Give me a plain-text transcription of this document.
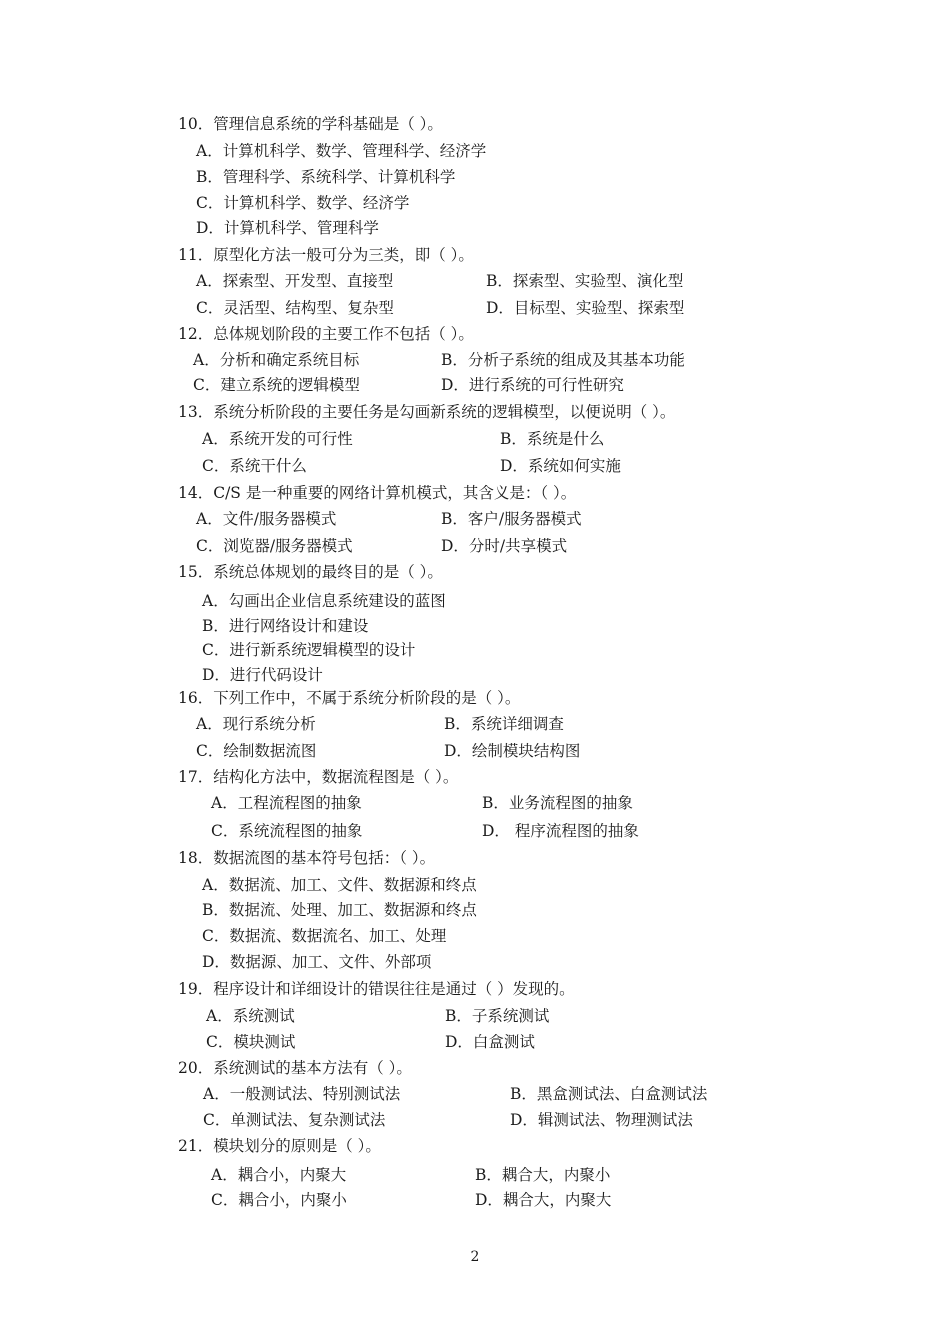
10．管理信息系统的学科基础是（ ）。
A．计算机科学、数学、管理科学、经济学
B．管理科学、系统科学、计算机科学
C．计算机科学、数学、经济学
D．计算机科学、管理科学
11．原型化方法一般可分为三类，即（ ）。
A．探索型、开发型、直接型	B．探索型、实验型、演化型
C．灵活型、结构型、复杂型	D．目标型、实验型、探索型
12．总体规划阶段的主要工作不包括（ ）。
A．分析和确定系统目标	B．分析子系统的组成及其基本功能
C．建立系统的逻辑模型	D．进行系统的可行性研究
13．系统分析阶段的主要任务是勾画新系统的逻辑模型，以便说明（ ）。
A．系统开发的可行性	B．系统是什么
C．系统干什么	D．系统如何实施
14．C/S 是一种重要的网络计算机模式，其含义是：（ ）。
A．文件/服务器模式	B．客户/服务器模式
C．浏览器/服务器模式	D．分时/共享模式
15．系统总体规划的最终目的是（ ）。
A．勾画出企业信息系统建设的蓝图
B．进行网络设计和建设
C．进行新系统逻辑模型的设计
D．进行代码设计
16．下列工作中，不属于系统分析阶段的是（ ）。
A．现行系统分析	B．系统详细调查
C．绘制数据流图	D．绘制模块结构图
17．结构化方法中，数据流程图是（ ）。
A．工程流程图的抽象	B．业务流程图的抽象
C．系统流程图的抽象	D． 程序流程图的抽象
18．数据流图的基本符号包括：（ ）。
A．数据流、加工、文件、数据源和终点
B．数据流、处理、加工、数据源和终点
C．数据流、数据流名、加工、处理
D．数据源、加工、文件、外部项
19．程序设计和详细设计的错误往往是通过（ ）发现的。
A．系统测试	B．子系统测试
C．模块测试	D．白盒测试
20．系统测试的基本方法有（ ）。
A．一般测试法、特别测试法	B．黑盒测试法、白盒测试法
C．单测试法、复杂测试法	D．辑测试法、物理测试法
21．模块划分的原则是（ ）。
A．耦合小，内聚大	B．耦合大，内聚小
C．耦合小，内聚小	D．耦合大，内聚大
2
